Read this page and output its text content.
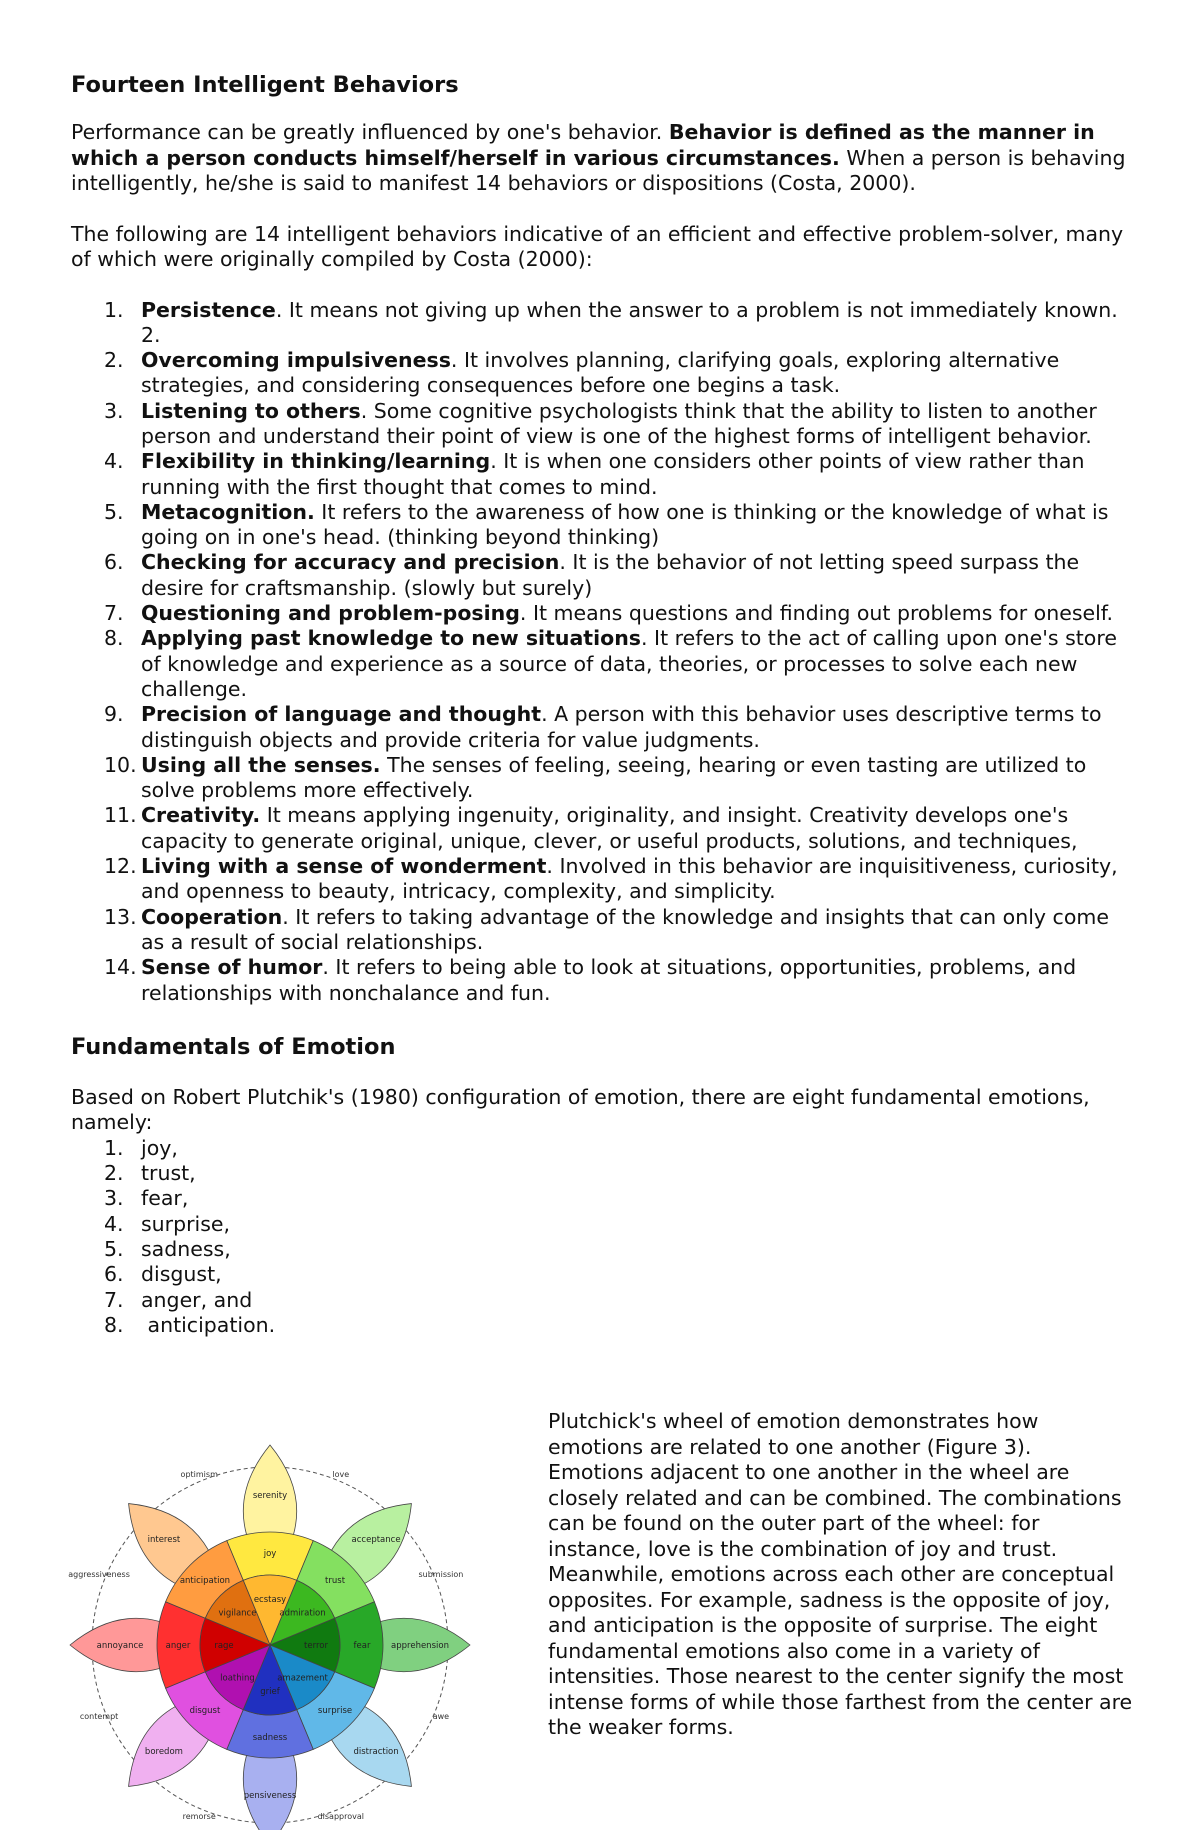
Fourteen Intelligent Behaviors

Performance can be greatly influenced by one's behavior. Behavior is defined as the manner in which a person conducts himself/herself in various circumstances. When a person is behaving intelligently, he/she is said to manifest 14 behaviors or dispositions (Costa, 2000).

The following are 14 intelligent behaviors indicative of an efficient and effective problem-solver, many of which were originally compiled by Costa (2000):

1. Persistence. It means not giving up when the answer to a problem is not immediately known. 2.
2. Overcoming impulsiveness. It involves planning, clarifying goals, exploring alternative strategies, and considering consequences before one begins a task.
3. Listening to others. Some cognitive psychologists think that the ability to listen to another person and understand their point of view is one of the highest forms of intelligent behavior.
4. Flexibility in thinking/learning. It is when one considers other points of view rather than running with the first thought that comes to mind.
5. Metacognition. It refers to the awareness of how one is thinking or the knowledge of what is going on in one's head. (thinking beyond thinking)
6. Checking for accuracy and precision. It is the behavior of not letting speed surpass the desire for craftsmanship. (slowly but surely)
7. Questioning and problem-posing. It means questions and finding out problems for oneself.
8. Applying past knowledge to new situations. It refers to the act of calling upon one's store of knowledge and experience as a source of data, theories, or processes to solve each new challenge.
9. Precision of language and thought. A person with this behavior uses descriptive terms to distinguish objects and provide criteria for value judgments.
10. Using all the senses. The senses of feeling, seeing, hearing or even tasting are utilized to solve problems more effectively.
11. Creativity. It means applying ingenuity, originality, and insight. Creativity develops one's capacity to generate original, unique, clever, or useful products, solutions, and techniques,
12. Living with a sense of wonderment. Involved in this behavior are inquisitiveness, curiosity, and openness to beauty, intricacy, complexity, and simplicity.
13. Cooperation. It refers to taking advantage of the knowledge and insights that can only come as a result of social relationships.
14. Sense of humor. It refers to being able to look at situations, opportunities, problems, and relationships with nonchalance and fun.
Fundamentals of Emotion

Based on Robert Plutchik's (1980) configuration of emotion, there are eight fundamental emotions, namely:

1. joy,
2. trust,
3. fear,
4. surprise,
5. sadness,
6. disgust,
7. anger, and
8. anticipation.
serenity
joy
ecstasy
acceptance
trust
admiration
apprehension
fear
terror
distraction
surprise
amazement
pensiveness
sadness
grief
boredom
disgust
loathing
annoyance	anger	rage
interest
anticipation
vigilance
love
submission
awe
disapproval
remorse
contempt
aggressiveness
optimism

Plutchick's wheel of emotion demonstrates how emotions are related to one another (Figure 3). Emotions adjacent to one another in the wheel are closely related and can be combined. The combinations can be found on the outer part of the wheel: for instance, love is the combination of joy and trust. Meanwhile, emotions across each other are conceptual opposites. For example, sadness is the opposite of joy, and anticipation is the opposite of surprise. The eight fundamental emotions also come in a variety of intensities. Those nearest to the center signify the most intense forms of while those farthest from the center are the weaker forms.
